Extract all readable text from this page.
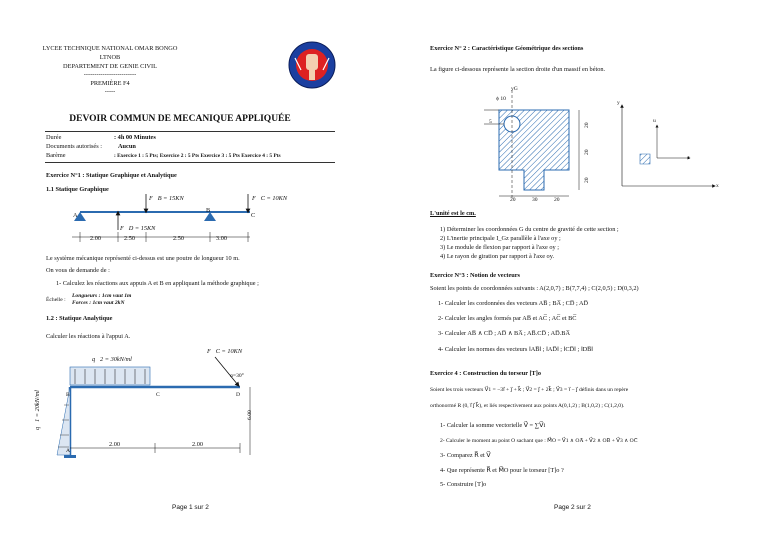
LYCEE TECHNIQUE NATIONAL OMAR BONGO
LTNOB
DEPARTEMENT DE GENIE CIVIL
-------------------------
PREMIÈRE F4
-----
DEVOIR COMMUN DE MECANIQUE APPLIQUÉE
Durée	: 4h 00 Minutes
Documents autorisés :	Aucun
Barème	: Exercice 1 : 5 Pts; Exercice 2 : 5 Pts Exercice 3 : 5 Pts Exercice 4 : 5 Pts
Exercice N°1 : Statique Graphique et Analytique
1.1 Statique Graphique
F⃗B = 15KN	F⃗C = 10KN
F⃗D = 15KN
A
B
C
2.00	2.50	2.50	3.00
Le système mécanique représenté ci-dessus est une poutre de longueur 10 m.
On vous de demande de :
1- Calculez les réactions aux appuis A et B en appliquant la méthode graphique ;
Échelle :
Longueurs : 1cm vaut 1m
Forces : 1cm vaut 2kN
1.2 : Statique Analytique
Calculer les réactions à l'appui A.
q⃗2 = 30kN/ml
F⃗C = 10KN
α=30°
q⃗1 = 20kN/ml	B	C	D
A
6.00
2.00	2.00
Page 1 sur 2
Exercice N° 2 : Caractéristique Géométrique des sections
La figure ci-dessous représente la section droite d'un massif en béton.
ϕ 10
yG
5
20
20
20
20	30	20
y
x
u
t
L'unité est le cm.
1) Déterminer les coordonnées G du centre de gravité de cette section ;
2) L'inertie principale I_Gz parallèle à l'axe oy ;
3) Le module de flexion par rapport à l'axe oy ;
4) Le rayon de giration par rapport à l'axe oy.
Exercice N°3 : Notion de vecteurs
Soient les points de coordonnées suivants : A(2,0,7) ; B(7,7,4) ; C(2,0,5) ; D(0,3,2)
1- Calculer les cordonnées des vecteurs AB̅ ; BA̅ ; CD̅ ; AD̅
2- Calculer les angles formés par AB̅ et AC̅ ; AC̅ et BC̅
3- Calculer AB̅ ∧ CD̅ ; AD̅ ∧ BA̅ ; AB̅.CD̅ ; AD̅.BA̅
4- Calculer les normes des vecteurs ‖AB̅‖ ; ‖AD̅‖ ; ‖CD̅‖ ; ‖DB̅‖
Exercice 4 : Construction du torseur [T]o
Soient les trois vecteurs V⃗1 = −3i⃗ + j⃗ + k⃗ ; V⃗2 = j⃗ + 2k⃗ ; V⃗3 = i⃗ − j⃗ définis dans un repère
orthonormé R (0, i⃗ j⃗ k⃗), et liés respectivement aux points A(0,1,2) ; B(1,0,2) ; C(1,2,0).
1- Calculer la somme vectorielle V⃗ = ∑V⃗i
2- Calculer le moment au point O sachant que : M⃗O = V⃗1 ∧ OA̅ + V⃗2 ∧ OB̅ + V⃗3 ∧ OC̅
3- Comparez R⃗ et V⃗
4- Que représente R⃗ et M⃗O pour le torseur [T]o ?
5- Construire [T]o
Page 2 sur 2
